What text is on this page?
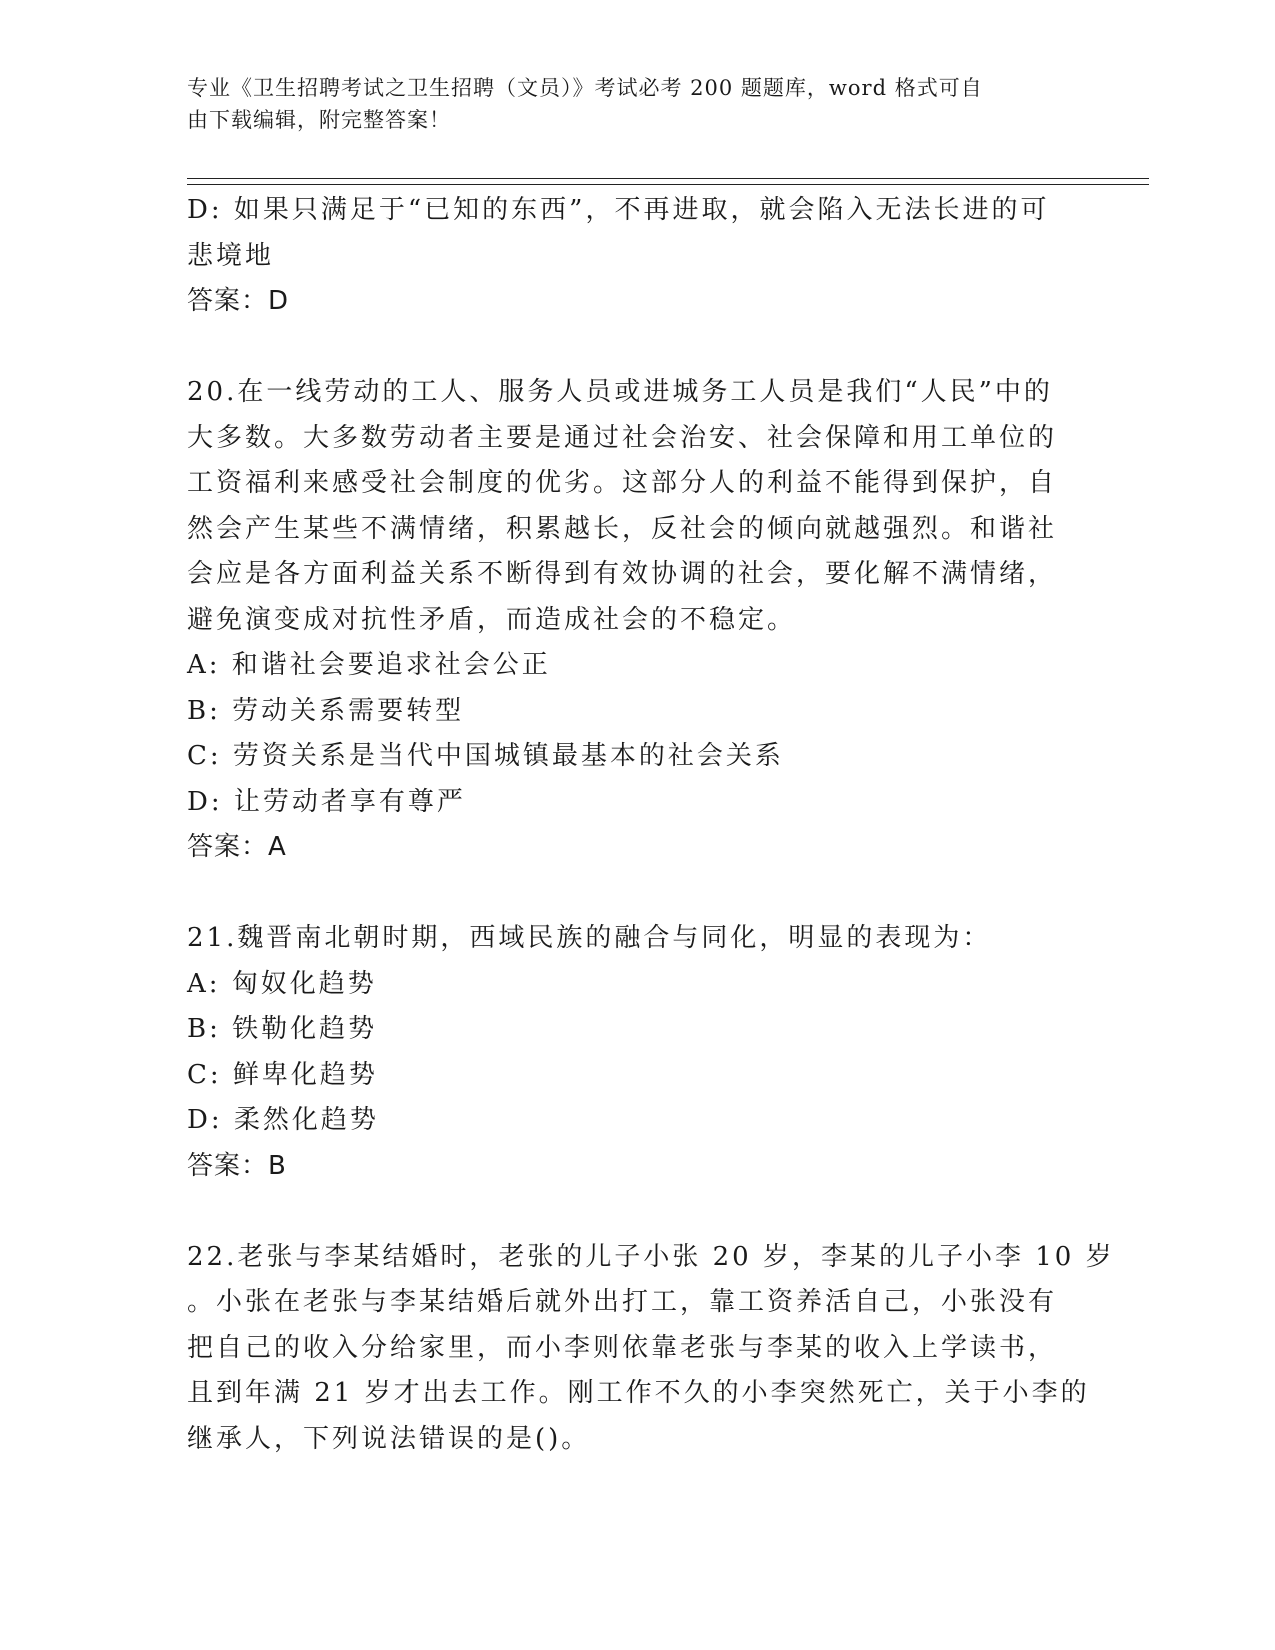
专业《卫生招聘考试之卫生招聘（文员）》考试必考 200 题题库，word 格式可自
由下载编辑，附完整答案！
D: 如果只满足于“已知的东西”，不再进取，就会陷入无法长进的可
悲境地
答案：D
20.在一线劳动的工人、服务人员或进城务工人员是我们“人民”中的
大多数。大多数劳动者主要是通过社会治安、社会保障和用工单位的
工资福利来感受社会制度的优劣。这部分人的利益不能得到保护，自
然会产生某些不满情绪，积累越长，反社会的倾向就越强烈。和谐社
会应是各方面利益关系不断得到有效协调的社会，要化解不满情绪，
避免演变成对抗性矛盾，而造成社会的不稳定。
A: 和谐社会要追求社会公正
B: 劳动关系需要转型
C: 劳资关系是当代中国城镇最基本的社会关系
D: 让劳动者享有尊严
答案：A
21.魏晋南北朝时期，西域民族的融合与同化，明显的表现为：
A: 匈奴化趋势
B: 铁勒化趋势
C: 鲜卑化趋势
D: 柔然化趋势
答案：B
22.老张与李某结婚时，老张的儿子小张 20 岁，李某的儿子小李 10 岁
。小张在老张与李某结婚后就外出打工，靠工资养活自己，小张没有
把自己的收入分给家里，而小李则依靠老张与李某的收入上学读书，
且到年满 21 岁才出去工作。刚工作不久的小李突然死亡，关于小李的
继承人，下列说法错误的是()。
